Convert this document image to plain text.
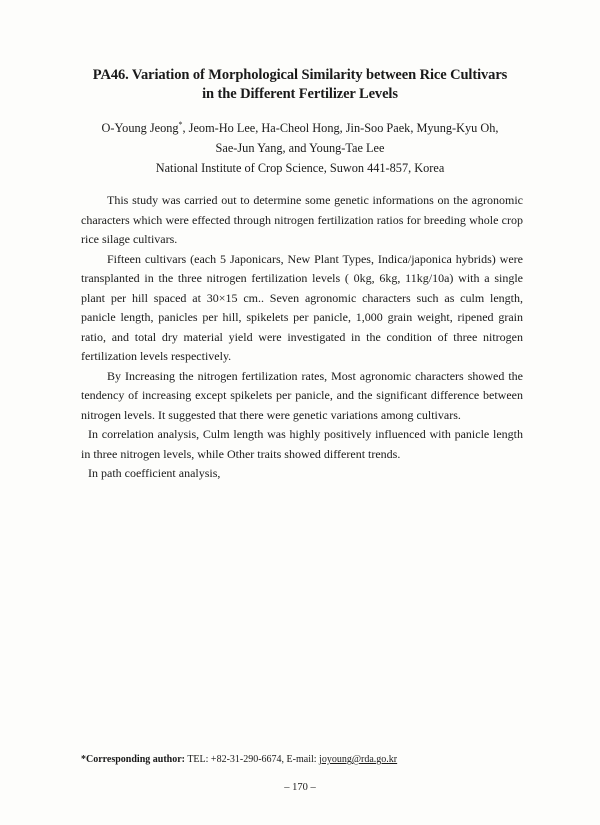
PA46. Variation of Morphological Similarity between Rice Cultivars
in the Different Fertilizer Levels
O-Young Jeong*, Jeom-Ho Lee, Ha-Cheol Hong, Jin-Soo Paek, Myung-Kyu Oh,
Sae-Jun Yang, and Young-Tae Lee
National Institute of Crop Science, Suwon 441-857, Korea

This study was carried out to determine some genetic informations on the agronomic characters which were effected through nitrogen fertilization ratios for breeding whole crop rice silage cultivars.

Fifteen cultivars (each 5 Japonicars, New Plant Types, Indica/japonica hybrids) were transplanted in the three nitrogen fertilization levels ( 0kg, 6kg, 11kg/10a) with a single plant per hill spaced at 30×15 cm.. Seven agronomic characters such as culm length, panicle length, panicles per hill, spikelets per panicle, 1,000 grain weight, ripened grain ratio, and total dry material yield were investigated in the condition of three nitrogen fertilization levels respectively.

By Increasing the nitrogen fertilization rates, Most agronomic characters showed the tendency of increasing except spikelets per panicle, and the significant difference between nitrogen levels. It suggested that there were genetic variations among cultivars.

In correlation analysis, Culm length was highly positively influenced with panicle length in three nitrogen levels, while Other traits showed different trends.

In path coefficient analysis,

*Corresponding author: TEL: +82-31-290-6674, E-mail: joyoung@rda.go.kr
– 170 –
